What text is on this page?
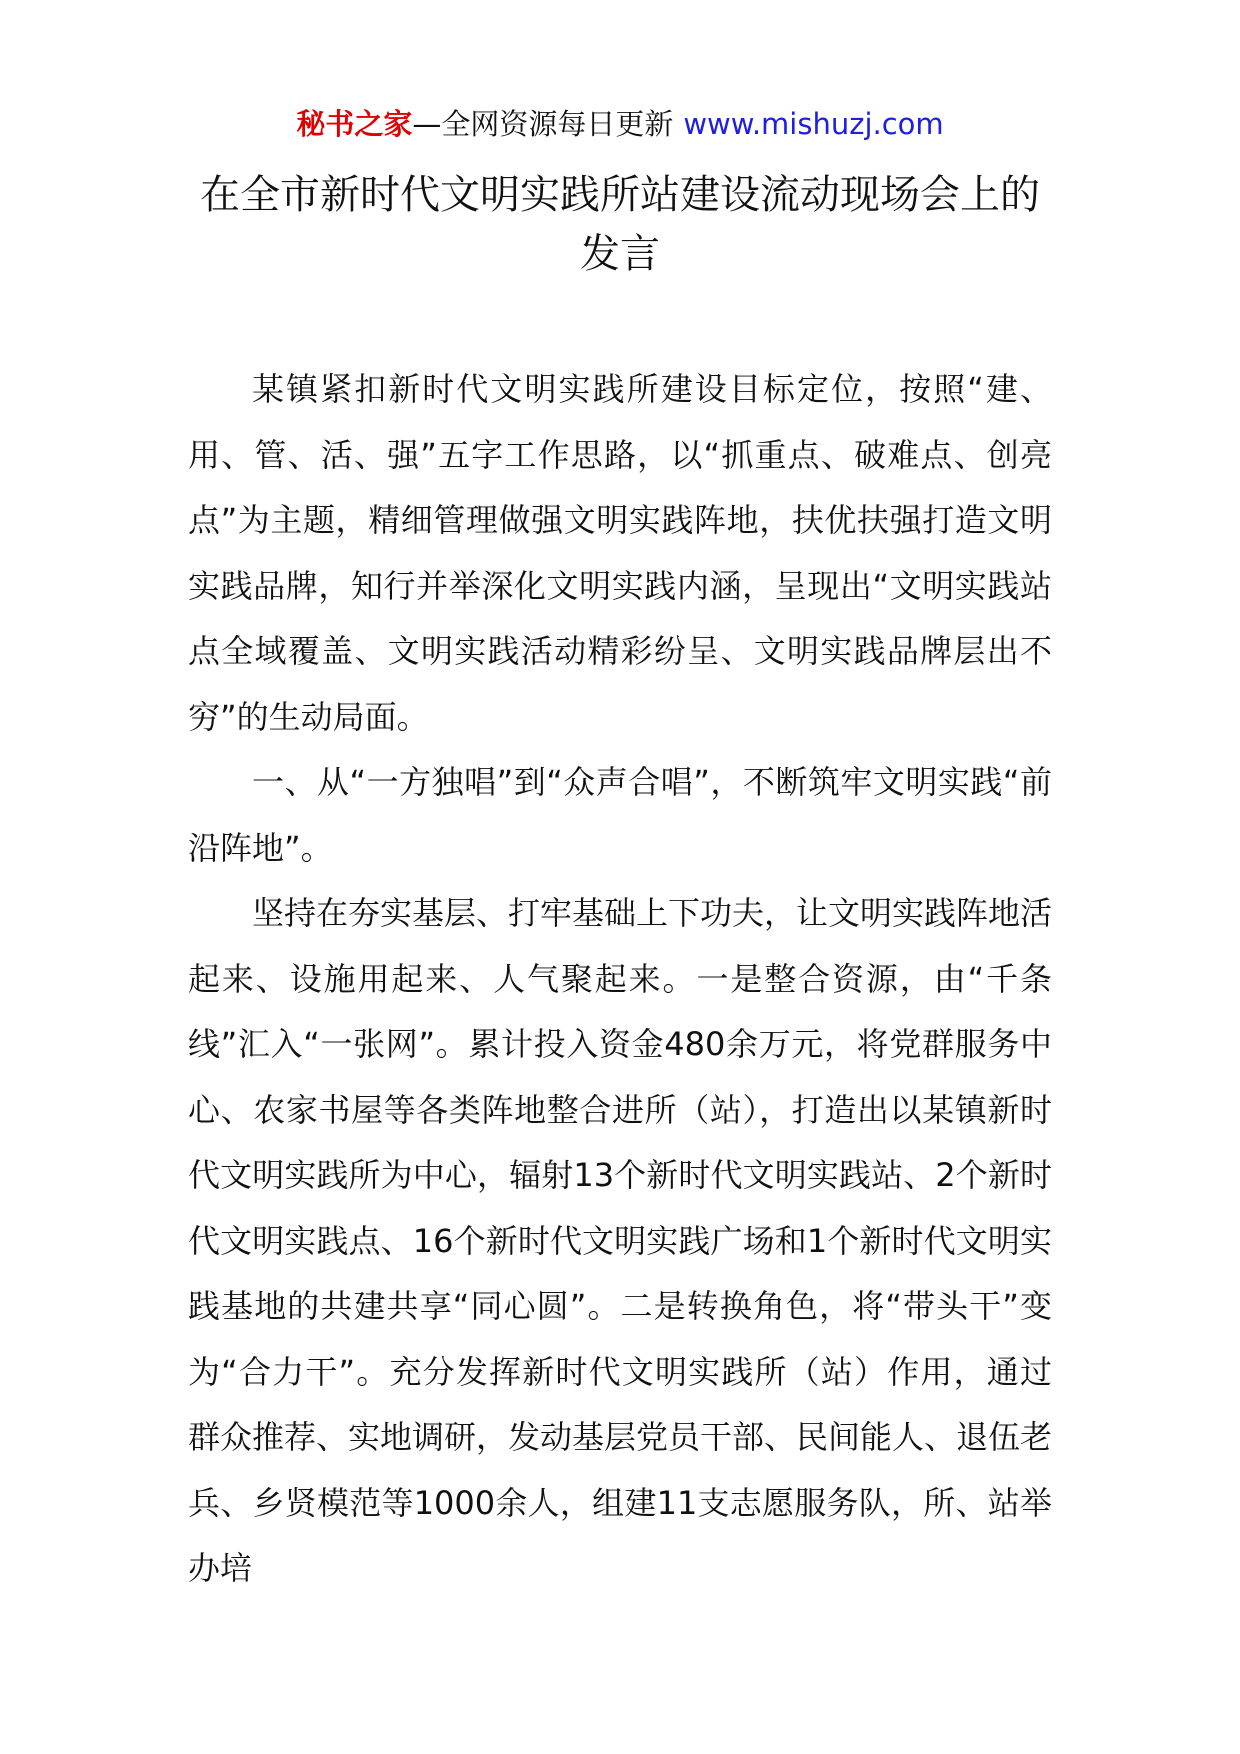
秘书之家—全网资源每日更新 www.mishuzj.com
在全市新时代文明实践所站建设流动现场会上的发言

某镇紧扣新时代文明实践所建设目标定位，按照“建、用、管、活、强”五字工作思路，以“抓重点、破难点、创亮点”为主题，精细管理做强文明实践阵地，扶优扶强打造文明实践品牌，知行并举深化文明实践内涵，呈现出“文明实践站点全域覆盖、文明实践活动精彩纷呈、文明实践品牌层出不穷”的生动局面。

一、从“一方独唱”到“众声合唱”，不断筑牢文明实践“前沿阵地”。

坚持在夯实基层、打牢基础上下功夫，让文明实践阵地活起来、设施用起来、人气聚起来。一是整合资源，由“千条线”汇入“一张网”。累计投入资金480余万元，将党群服务中心、农家书屋等各类阵地整合进所（站），打造出以某镇新时代文明实践所为中心，辐射13个新时代文明实践站、2个新时代文明实践点、16个新时代文明实践广场和1个新时代文明实践基地的共建共享“同心圆”。二是转换角色，将“带头干”变为“合力干”。充分发挥新时代文明实践所（站）作用，通过群众推荐、实地调研，发动基层党员干部、民间能人、退伍老兵、乡贤模范等1000余人，组建11支志愿服务队，所、站举办培
